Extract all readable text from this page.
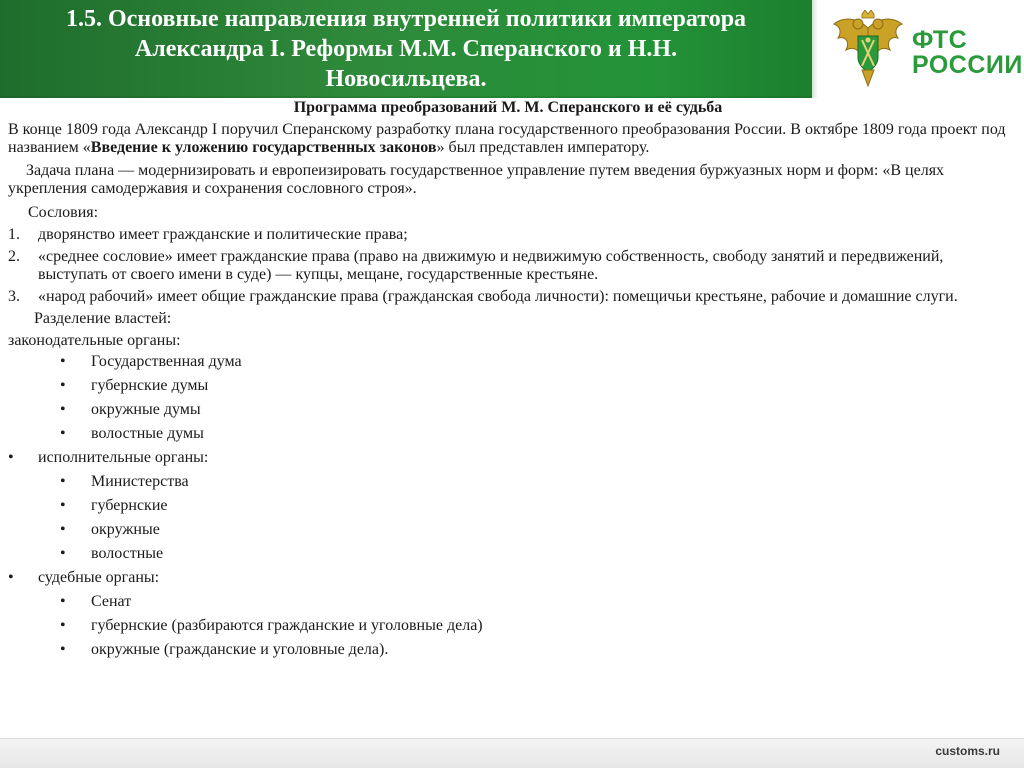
1.5. Основные направления внутренней политики императора
Александра I. Реформы М.М. Сперанского и Н.Н.
Новосильцева.
ФТС
РОССИИ
Программа преобразований М. М. Сперанского и её судьба
В конце 1809 года Александр I поручил Сперанскому разработку плана государственного преобразования России. В октябре 1809 года проект под названием «Введение к уложению государственных законов» был представлен императору.
Задача плана — модернизировать и европеизировать государственное управление путем введения буржуазных норм и форм: «В целях укрепления самодержавия и сохранения сословного строя».
Сословия:
1. дворянство имеет гражданские и политические права;
2. «среднее сословие» имеет гражданские права (право на движимую и недвижимую собственность, свободу занятий и передвижений, выступать от своего имени в суде) — купцы, мещане, государственные крестьяне.
3. «народ рабочий» имеет общие гражданские права (гражданская свобода личности): помещичьи крестьяне, рабочие и домашние слуги.
Разделение властей:
законодательные органы:
• Государственная дума
• губернские думы
• окружные думы
• волостные думы
• исполнительные органы:
• Министерства
• губернские
• окружные
• волостные
• судебные органы:
• Сенат
• губернские (разбираются гражданские и уголовные дела)
• окружные (гражданские и уголовные дела).
customs.ru
